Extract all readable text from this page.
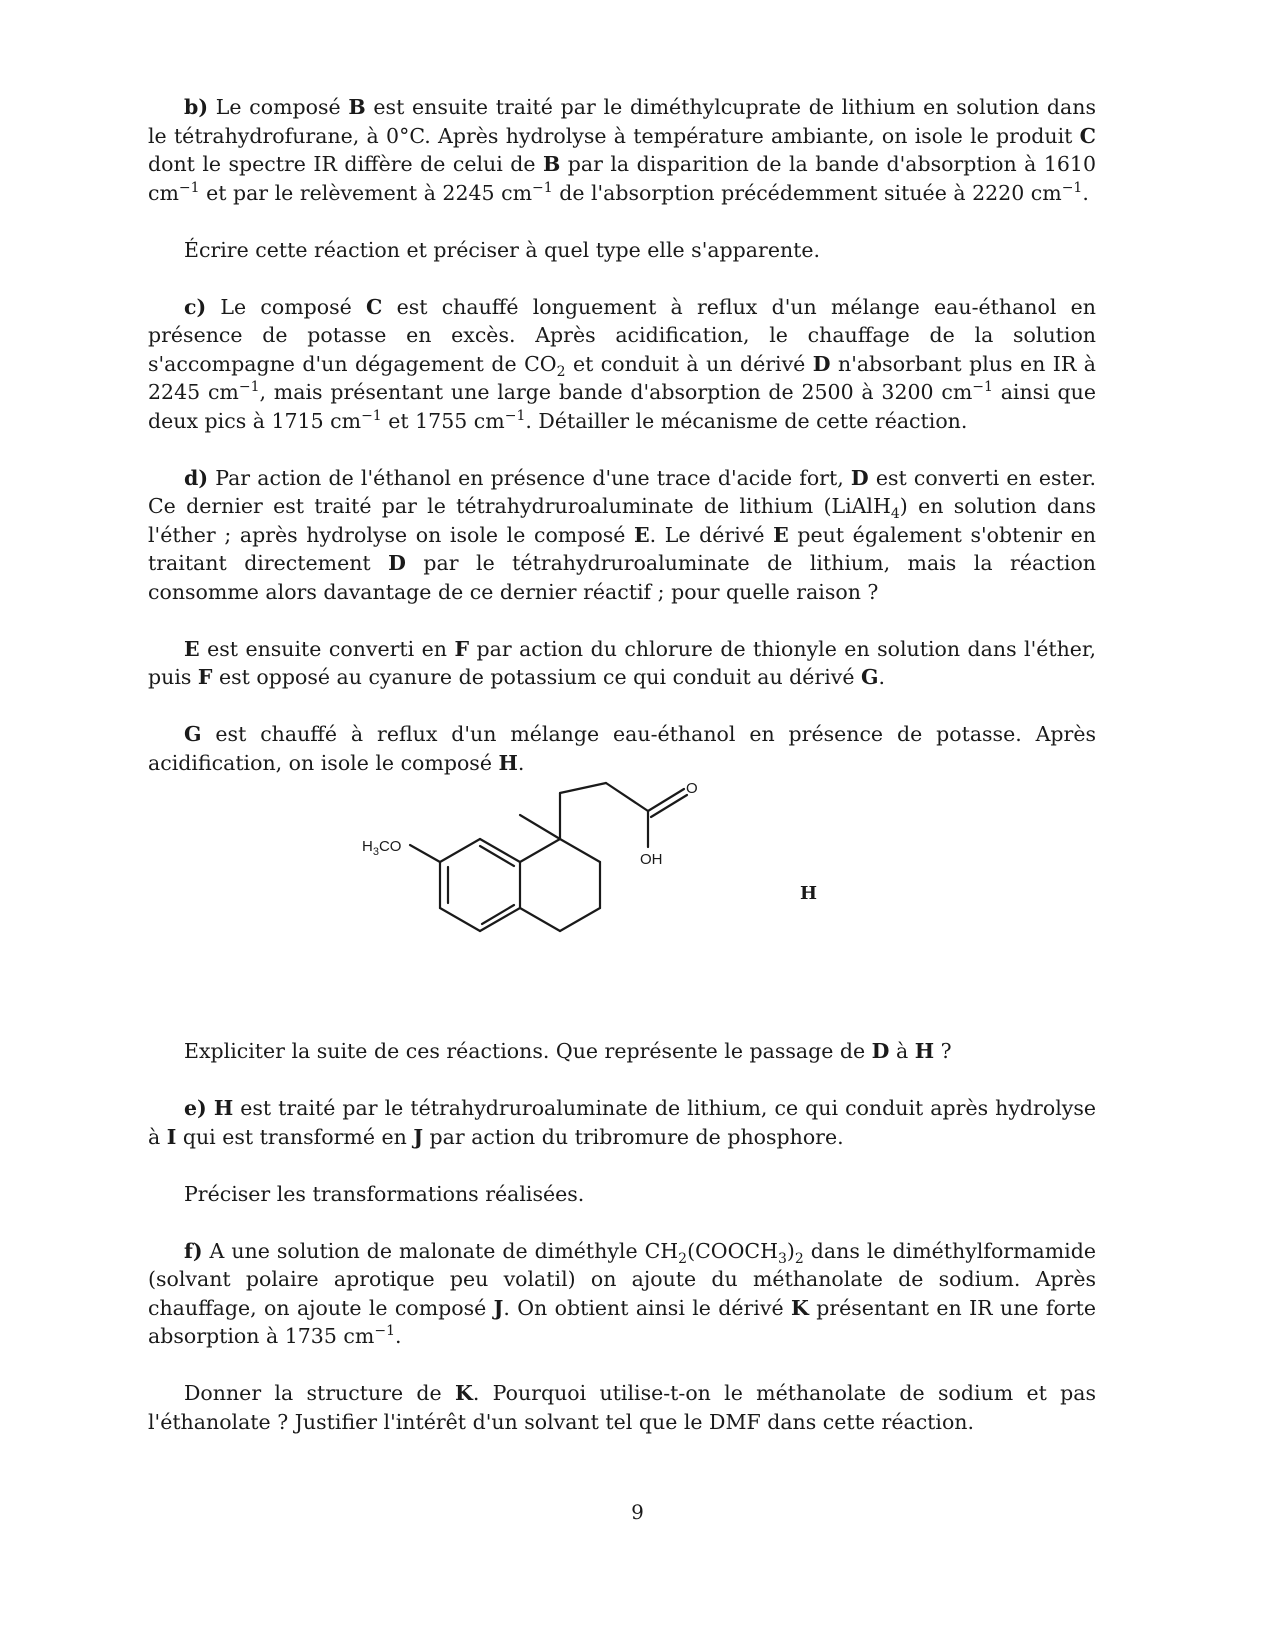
b) Le composé B est ensuite traité par le diméthylcuprate de lithium en solution dans le tétrahydrofurane, à 0°C. Après hydrolyse à température ambiante, on isole le produit C dont le spectre IR diffère de celui de B par la disparition de la bande d'absorption à 1610 $cm^{-1}$ et par le relèvement à 2245 $cm^{-1}$ de l'absorption précédemment située à 2220 $cm^{-1}$.

Écrire cette réaction et préciser à quel type elle s'apparente.

c) Le composé C est chauffé longuement à reflux d'un mélange eau-éthanol en présence de potasse en excès. Après acidification, le chauffage de la solution s'accompagne d'un dégagement de $CO_2$ et conduit à un dérivé D n'absorbant plus en IR à 2245 $cm^{-1}$, mais présentant une large bande d'absorption de 2500 à 3200 $cm^{-1}$ ainsi que deux pics à 1715 $cm^{-1}$ et 1755 $cm^{-1}$. Détailler le mécanisme de cette réaction.

d) Par action de l'éthanol en présence d'une trace d'acide fort, D est converti en ester. Ce dernier est traité par le tétrahydruroaluminate de lithium (LiAlH$_4$) en solution dans l'éther ; après hydrolyse on isole le composé E. Le dérivé E peut également s'obtenir en traitant directement D par le tétrahydruroaluminate de lithium, mais la réaction consomme alors davantage de ce dernier réactif ; pour quelle raison ?

E est ensuite converti en F par action du chlorure de thionyle en solution dans l'éther, puis F est opposé au cyanure de potassium ce qui conduit au dérivé G.

G est chauffé à reflux d'un mélange eau-éthanol en présence de potasse. Après acidification, on isole le composé H.

$H_3CO$
O
OH
H

Expliciter la suite de ces réactions. Que représente le passage de D à H ?

e) H est traité par le tétrahydruroaluminate de lithium, ce qui conduit après hydrolyse à I qui est transformé en J par action du tribromure de phosphore.

Préciser les transformations réalisées.

f) A une solution de malonate de diméthyle $CH_2(COOCH_3)_2$ dans le diméthylformamide (solvant polaire aprotique peu volatil) on ajoute du méthanolate de sodium. Après chauffage, on ajoute le composé J. On obtient ainsi le dérivé K présentant en IR une forte absorption à 1735 $cm^{-1}$.

Donner la structure de K. Pourquoi utilise-t-on le méthanolate de sodium et pas l'éthanolate ? Justifier l'intérêt d'un solvant tel que le DMF dans cette réaction.

9
